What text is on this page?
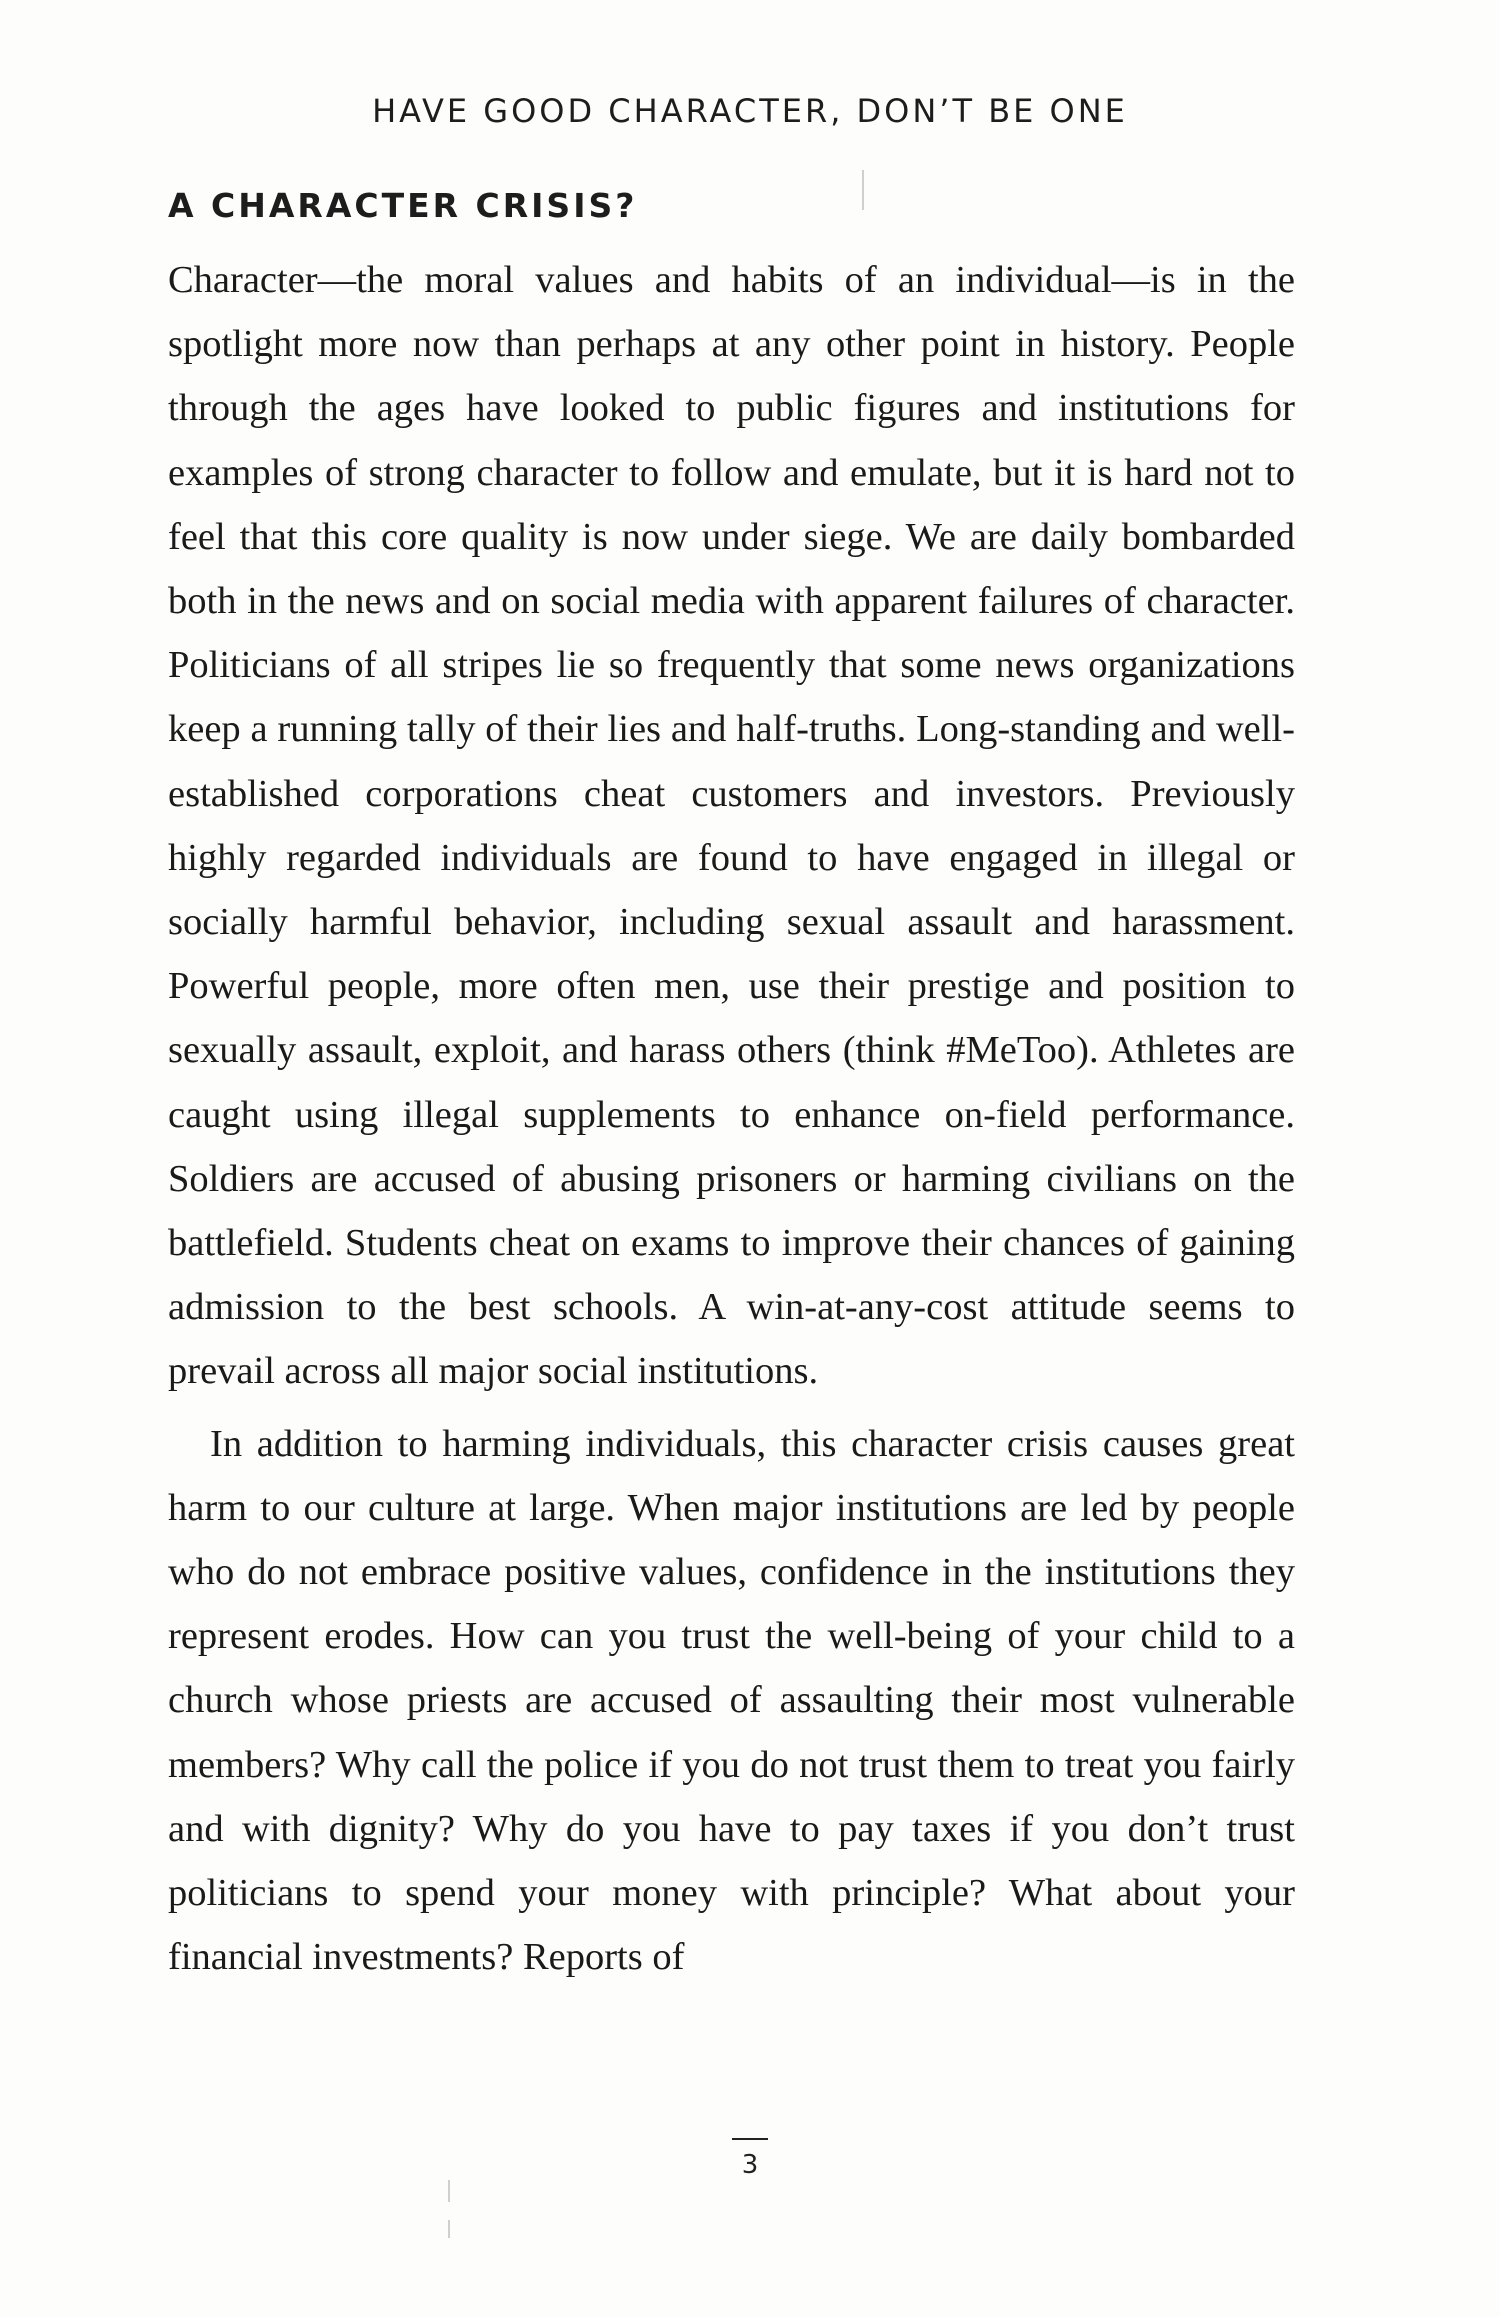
HAVE GOOD CHARACTER, DON’T BE ONE
A CHARACTER CRISIS?

Character—the moral values and habits of an individual—is in the spotlight more now than perhaps at any other point in history. People through the ages have looked to public figures and institutions for examples of strong character to follow and emulate, but it is hard not to feel that this core quality is now under siege. We are daily bombarded both in the news and on social media with apparent failures of character. Politicians of all stripes lie so frequently that some news organizations keep a running tally of their lies and half-truths. Long-standing and well-established corporations cheat customers and investors. Previously highly regarded individuals are found to have engaged in illegal or socially harmful behavior, including sexual assault and harassment. Powerful people, more often men, use their prestige and position to sexually assault, exploit, and harass others (think #MeToo). Athletes are caught using illegal supplements to enhance on-field performance. Soldiers are accused of abusing prisoners or harming civilians on the battlefield. Students cheat on exams to improve their chances of gaining admission to the best schools. A win-at-any-cost attitude seems to prevail across all major social institutions.

In addition to harming individuals, this character crisis causes great harm to our culture at large. When major institutions are led by people who do not embrace positive values, confidence in the institutions they represent erodes. How can you trust the well-being of your child to a church whose priests are accused of assaulting their most vulnerable members? Why call the police if you do not trust them to treat you fairly and with dignity? Why do you have to pay taxes if you don’t trust politicians to spend your money with principle? What about your financial investments? Reports of

3
